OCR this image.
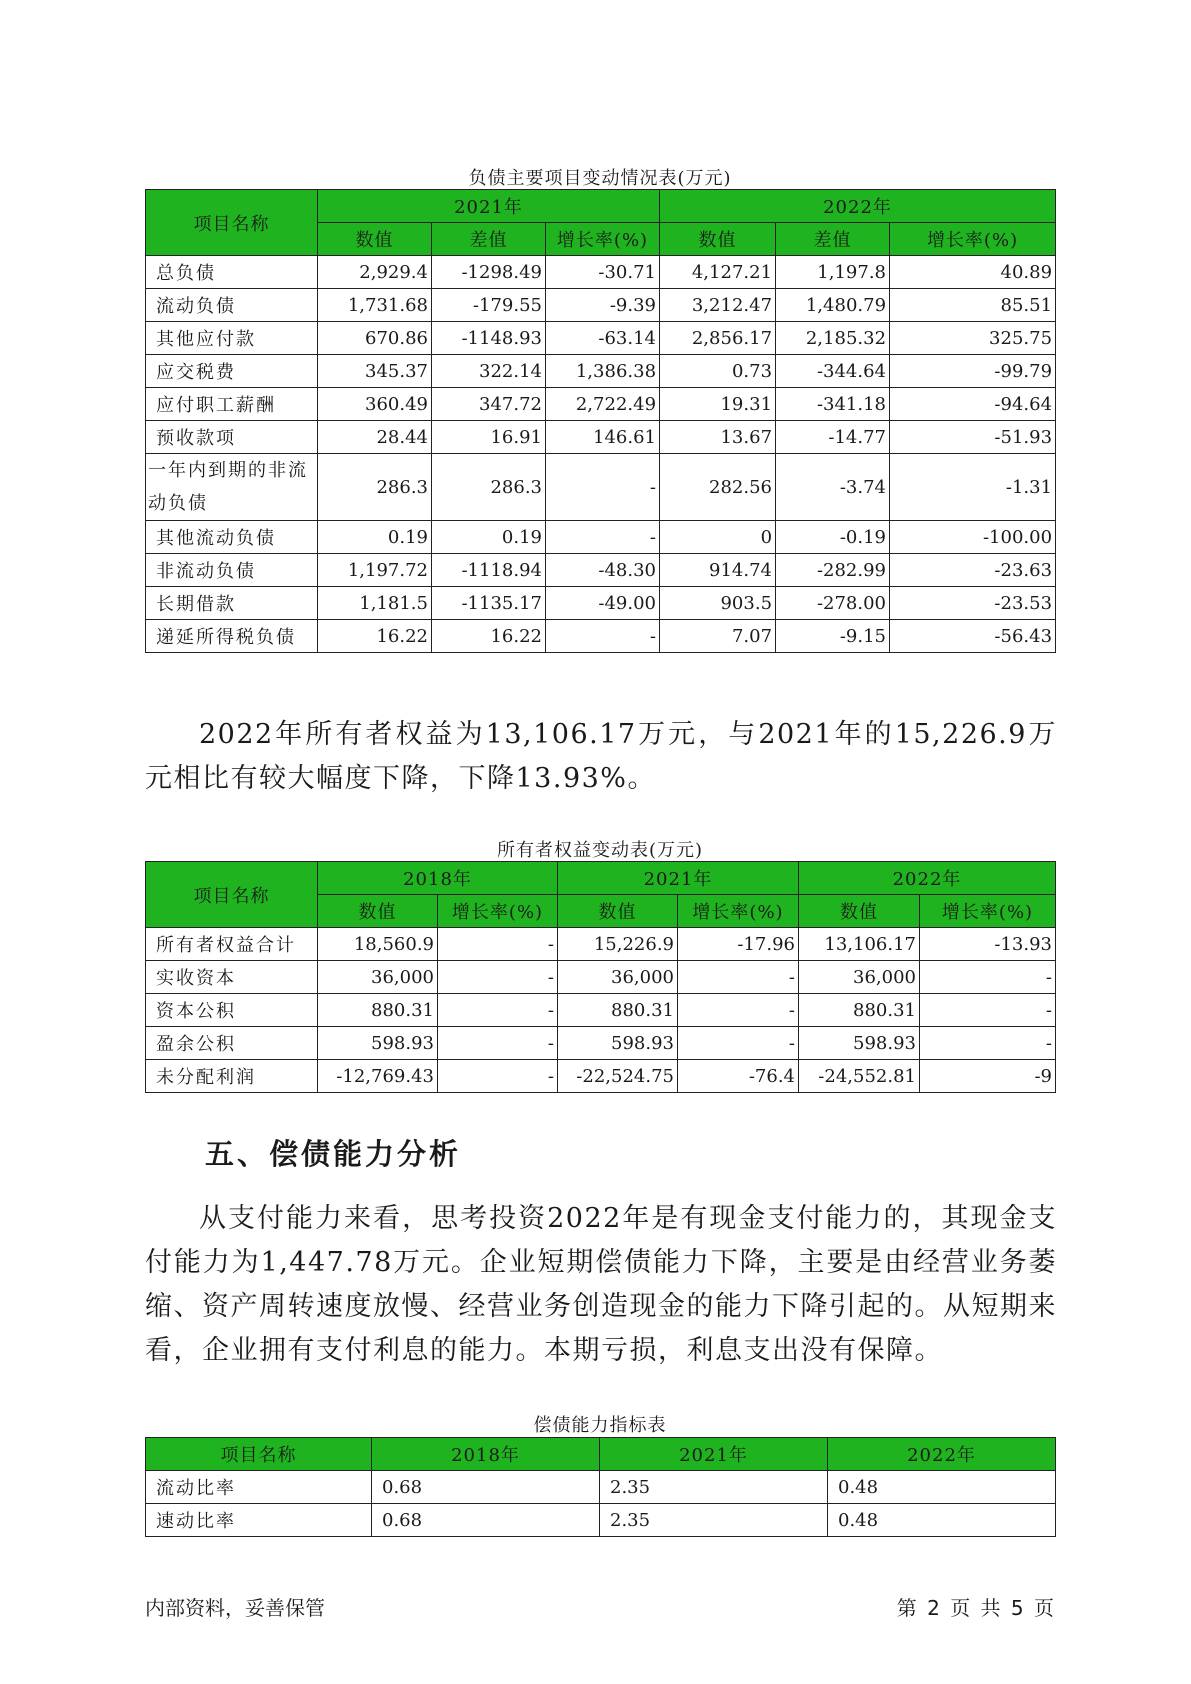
负债主要项目变动情况表(万元)
项目名称	2021年			2022年		
	数值	差值	增长率(%)	数值	差值	增长率(%)
总负债	2,929.4	-1298.49	-30.71	4,127.21	1,197.8	40.89
流动负债	1,731.68	-179.55	-9.39	3,212.47	1,480.79	85.51
其他应付款	670.86	-1148.93	-63.14	2,856.17	2,185.32	325.75
应交税费	345.37	322.14	1,386.38	0.73	-344.64	-99.79
应付职工薪酬	360.49	347.72	2,722.49	19.31	-341.18	-94.64
预收款项	28.44	16.91	146.61	13.67	-14.77	-51.93
一年内到期的非流动负债	286.3	286.3	-	282.56	-3.74	-1.31
其他流动负债	0.19	0.19	-	0	-0.19	-100.00
非流动负债	1,197.72	-1118.94	-48.30	914.74	-282.99	-23.63
长期借款	1,181.5	-1135.17	-49.00	903.5	-278.00	-23.53
递延所得税负债	16.22	16.22	-	7.07	-9.15	-56.43

2022年所有者权益为13,106.17万元，与2021年的15,226.9万元相比有较大幅度下降，下降13.93%。

所有者权益变动表(万元)
项目名称	2018年		2021年		2022年	
	数值	增长率(%)	数值	增长率(%)	数值	增长率(%)
所有者权益合计	18,560.9	-	15,226.9	-17.96	13,106.17	-13.93
实收资本	36,000	-	36,000	-	36,000	-
资本公积	880.31	-	880.31	-	880.31	-
盈余公积	598.93	-	598.93	-	598.93	-
未分配利润	-12,769.43	-	-22,524.75	-76.4	-24,552.81	-9
五、偿债能力分析

从支付能力来看，思考投资2022年是有现金支付能力的，其现金支付能力为1,447.78万元。企业短期偿债能力下降，主要是由经营业务萎缩、资产周转速度放慢、经营业务创造现金的能力下降引起的。从短期来看，企业拥有支付利息的能力。本期亏损，利息支出没有保障。

偿债能力指标表
项目名称	2018年	2021年	2022年
流动比率	0.68	2.35	0.48
速动比率	0.68	2.35	0.48
内部资料，妥善保管	第 2 页 共 5 页
